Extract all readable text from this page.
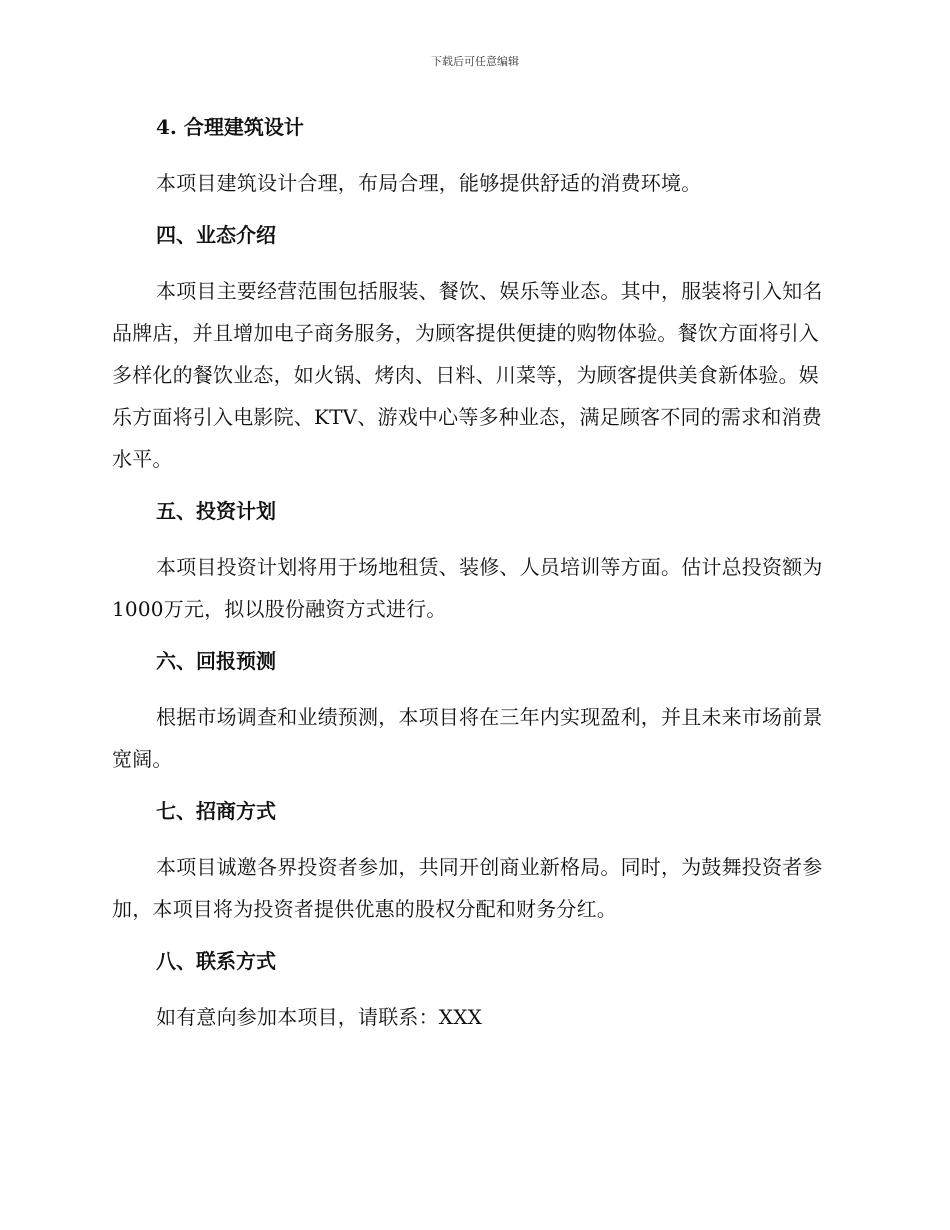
下载后可任意编辑
4. 合理建筑设计

本项目建筑设计合理，布局合理，能够提供舒适的消费环境。

四、业态介绍

本项目主要经营范围包括服装、餐饮、娱乐等业态。其中，服装将引入知名品牌店，并且增加电子商务服务，为顾客提供便捷的购物体验。餐饮方面将引入多样化的餐饮业态，如火锅、烤肉、日料、川菜等，为顾客提供美食新体验。娱乐方面将引入电影院、KTV、游戏中心等多种业态，满足顾客不同的需求和消费水平。

五、投资计划

本项目投资计划将用于场地租赁、装修、人员培训等方面。估计总投资额为1000万元，拟以股份融资方式进行。

六、回报预测

根据市场调查和业绩预测，本项目将在三年内实现盈利，并且未来市场前景宽阔。

七、招商方式

本项目诚邀各界投资者参加，共同开创商业新格局。同时，为鼓舞投资者参加，本项目将为投资者提供优惠的股权分配和财务分红。

八、联系方式

如有意向参加本项目，请联系：XXX
